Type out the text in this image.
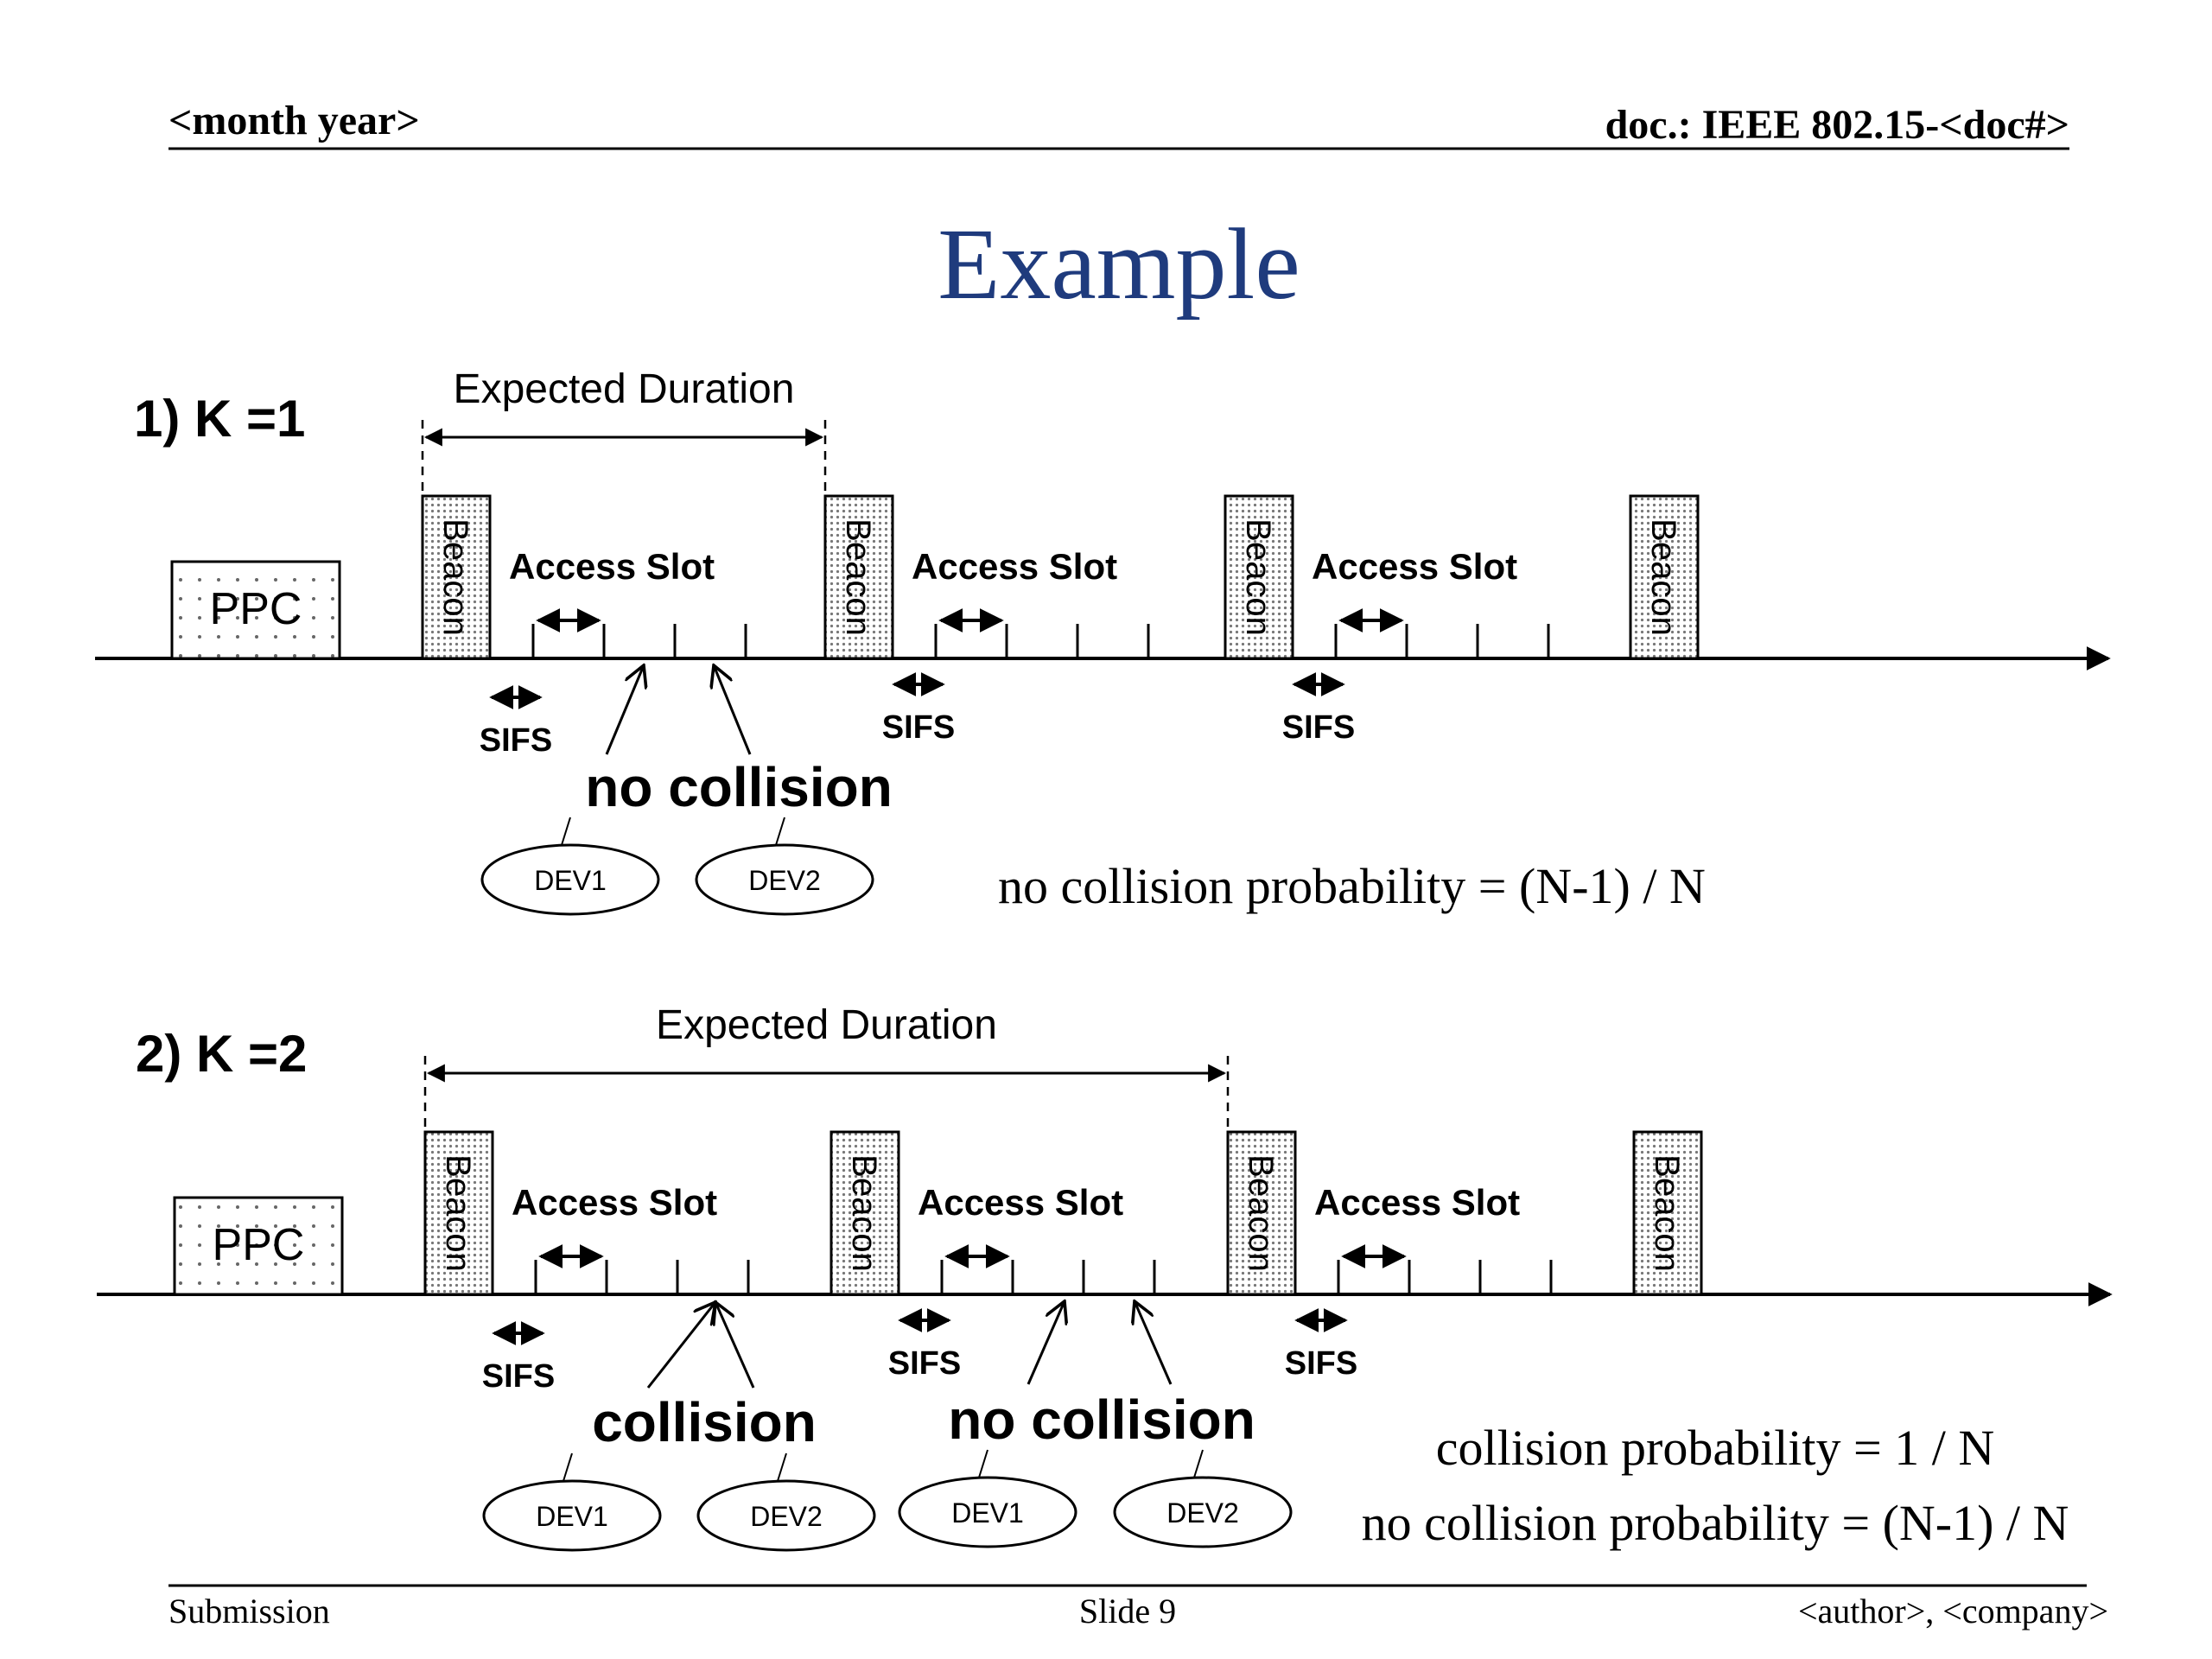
<month year>	doc.: IEEE 802.15-<doc#>
Example
1) K =1
2) K =2
PPC
Expected Duration
Beacon Access Slot
SIFS
Beacon Access Slot
SIFS
Beacon Access Slot
SIFS
Beacon
DEV1	DEV2
PPC
Expected Duration
Beacon Access Slot
SIFS
Beacon Access Slot
SIFS
Beacon Access Slot
SIFS
Beacon
DEV1	DEV2	DEV1	DEV2
no collision
no collision probability = (N-1) / N
collision no collision	collision probability = 1 / N
no collision probability = (N-1) / N
Submission	Slide 9	<author>, <company>
